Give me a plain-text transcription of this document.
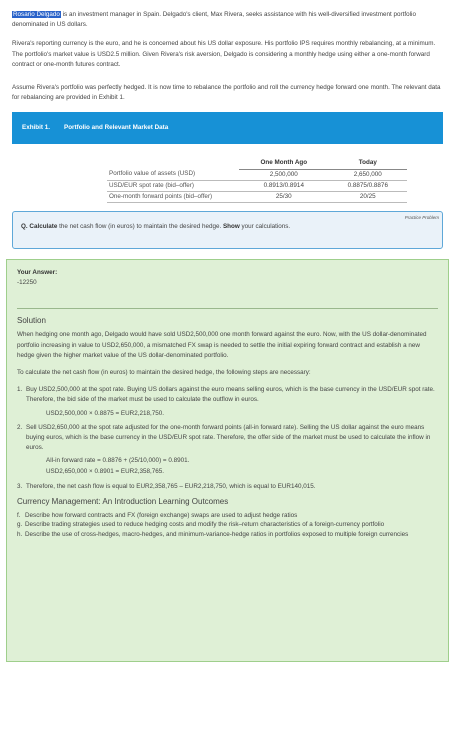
Rosario Delgado is an investment manager in Spain. Delgado's client, Max Rivera, seeks assistance with his well-diversified investment portfolio denominated in US dollars.

Rivera's reporting currency is the euro, and he is concerned about his US dollar exposure. His portfolio IPS requires monthly rebalancing, at a minimum. The portfolio's market value is USD2.5 million. Given Rivera's risk aversion, Delgado is considering a monthly hedge using either a one-month forward contract or one-month futures contract.

Assume Rivera's portfolio was perfectly hedged. It is now time to rebalance the portfolio and roll the currency hedge forward one month. The relevant data for rebalancing are provided in Exhibit 1.

Exhibit 1. Portfolio and Relevant Market Data
	One Month Ago	Today
Portfolio value of assets (USD)	2,500,000	2,650,000
USD/EUR spot rate (bid–offer)	0.8913/0.8914	0.8875/0.8876
One-month forward points (bid–offer)	25/30	20/25
Practice Problem
Q. Calculate the net cash flow (in euros) to maintain the desired hedge. Show your calculations.
Your Answer:
-12250
Solution

When hedging one month ago, Delgado would have sold USD2,500,000 one month forward against the euro. Now, with the US dollar-denominated portfolio increasing in value to USD2,650,000, a mismatched FX swap is needed to settle the initial expiring forward contract and establish a new hedge given the higher market value of the US dollar-denominated portfolio.

To calculate the net cash flow (in euros) to maintain the desired hedge, the following steps are necessary:

1. Buy USD2,500,000 at the spot rate. Buying US dollars against the euro means selling euros, which is the base currency in the USD/EUR spot rate. Therefore, the bid side of the market must be used to calculate the outflow in euros.
USD2,500,000 × 0.8875 = EUR2,218,750.
2. Sell USD2,650,000 at the spot rate adjusted for the one-month forward points (all-in forward rate). Selling the US dollar against the euro means buying euros, which is the base currency in the USD/EUR spot rate. Therefore, the offer side of the market must be used to calculate the inflow in euros.
All-in forward rate = 0.8876 + (25/10,000) = 0.8901.
USD2,650,000 × 0.8901 = EUR2,358,765.
3. Therefore, the net cash flow is equal to EUR2,358,765 – EUR2,218,750, which is equal to EUR140,015.
Currency Management: An Introduction Learning Outcomes
f. Describe how forward contracts and FX (foreign exchange) swaps are used to adjust hedge ratios
g. Describe trading strategies used to reduce hedging costs and modify the risk–return characteristics of a foreign-currency portfolio
h. Describe the use of cross-hedges, macro-hedges, and minimum-variance-hedge ratios in portfolios exposed to multiple foreign currencies
